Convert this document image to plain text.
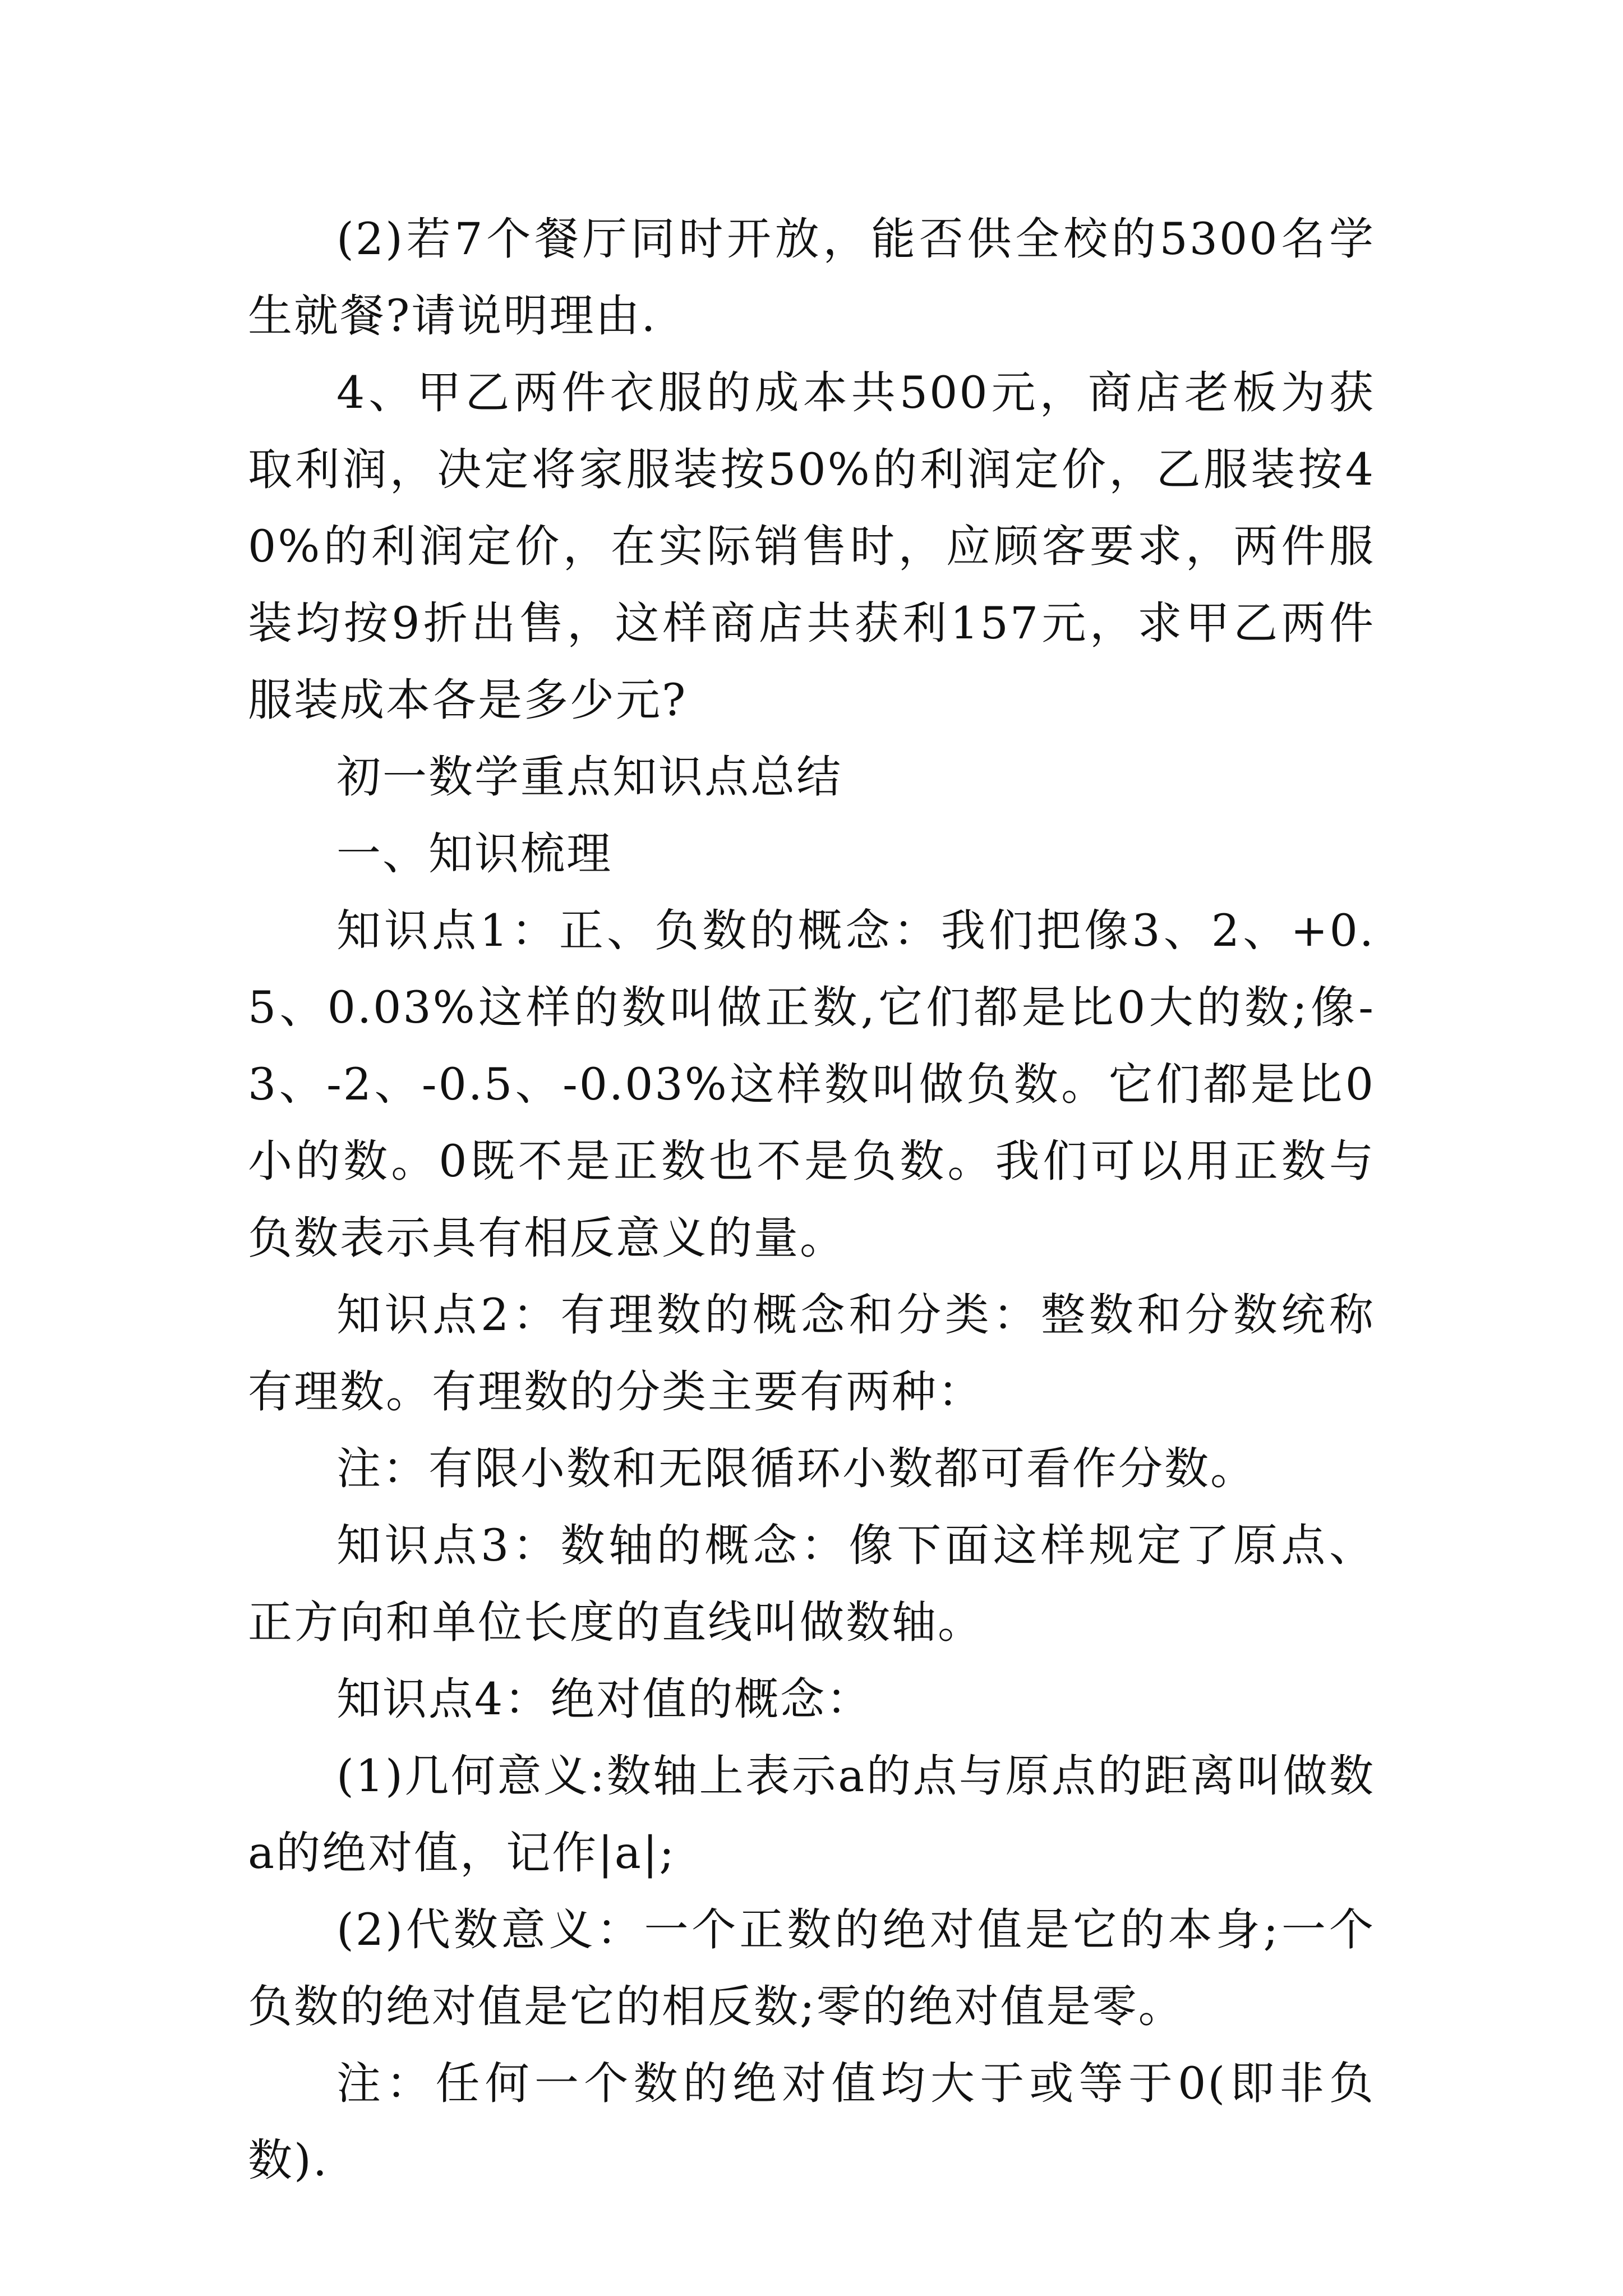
(2)若7个餐厅同时开放，能否供全校的5300名学生就餐?请说明理由.

4、甲乙两件衣服的成本共500元，商店老板为获取利润，决定将家服装按50%的利润定价，乙服装按40%的利润定价，在实际销售时，应顾客要求，两件服装均按9折出售，这样商店共获利157元，求甲乙两件服装成本各是多少元?

初一数学重点知识点总结

一、知识梳理

知识点1：正、负数的概念：我们把像3、2、+0.5、0.03%这样的数叫做正数,它们都是比0大的数;像-3、-2、-0.5、-0.03%这样数叫做负数。它们都是比0小的数。0既不是正数也不是负数。我们可以用正数与负数表示具有相反意义的量。

知识点2：有理数的概念和分类：整数和分数统称有理数。有理数的分类主要有两种：

注：有限小数和无限循环小数都可看作分数。

知识点3：数轴的概念：像下面这样规定了原点、正方向和单位长度的直线叫做数轴。

知识点4：绝对值的概念：

(1)几何意义:数轴上表示a的点与原点的距离叫做数a的绝对值，记作|a|;

(2)代数意义：一个正数的绝对值是它的本身;一个负数的绝对值是它的相反数;零的绝对值是零。

注：任何一个数的绝对值均大于或等于0(即非负数).
